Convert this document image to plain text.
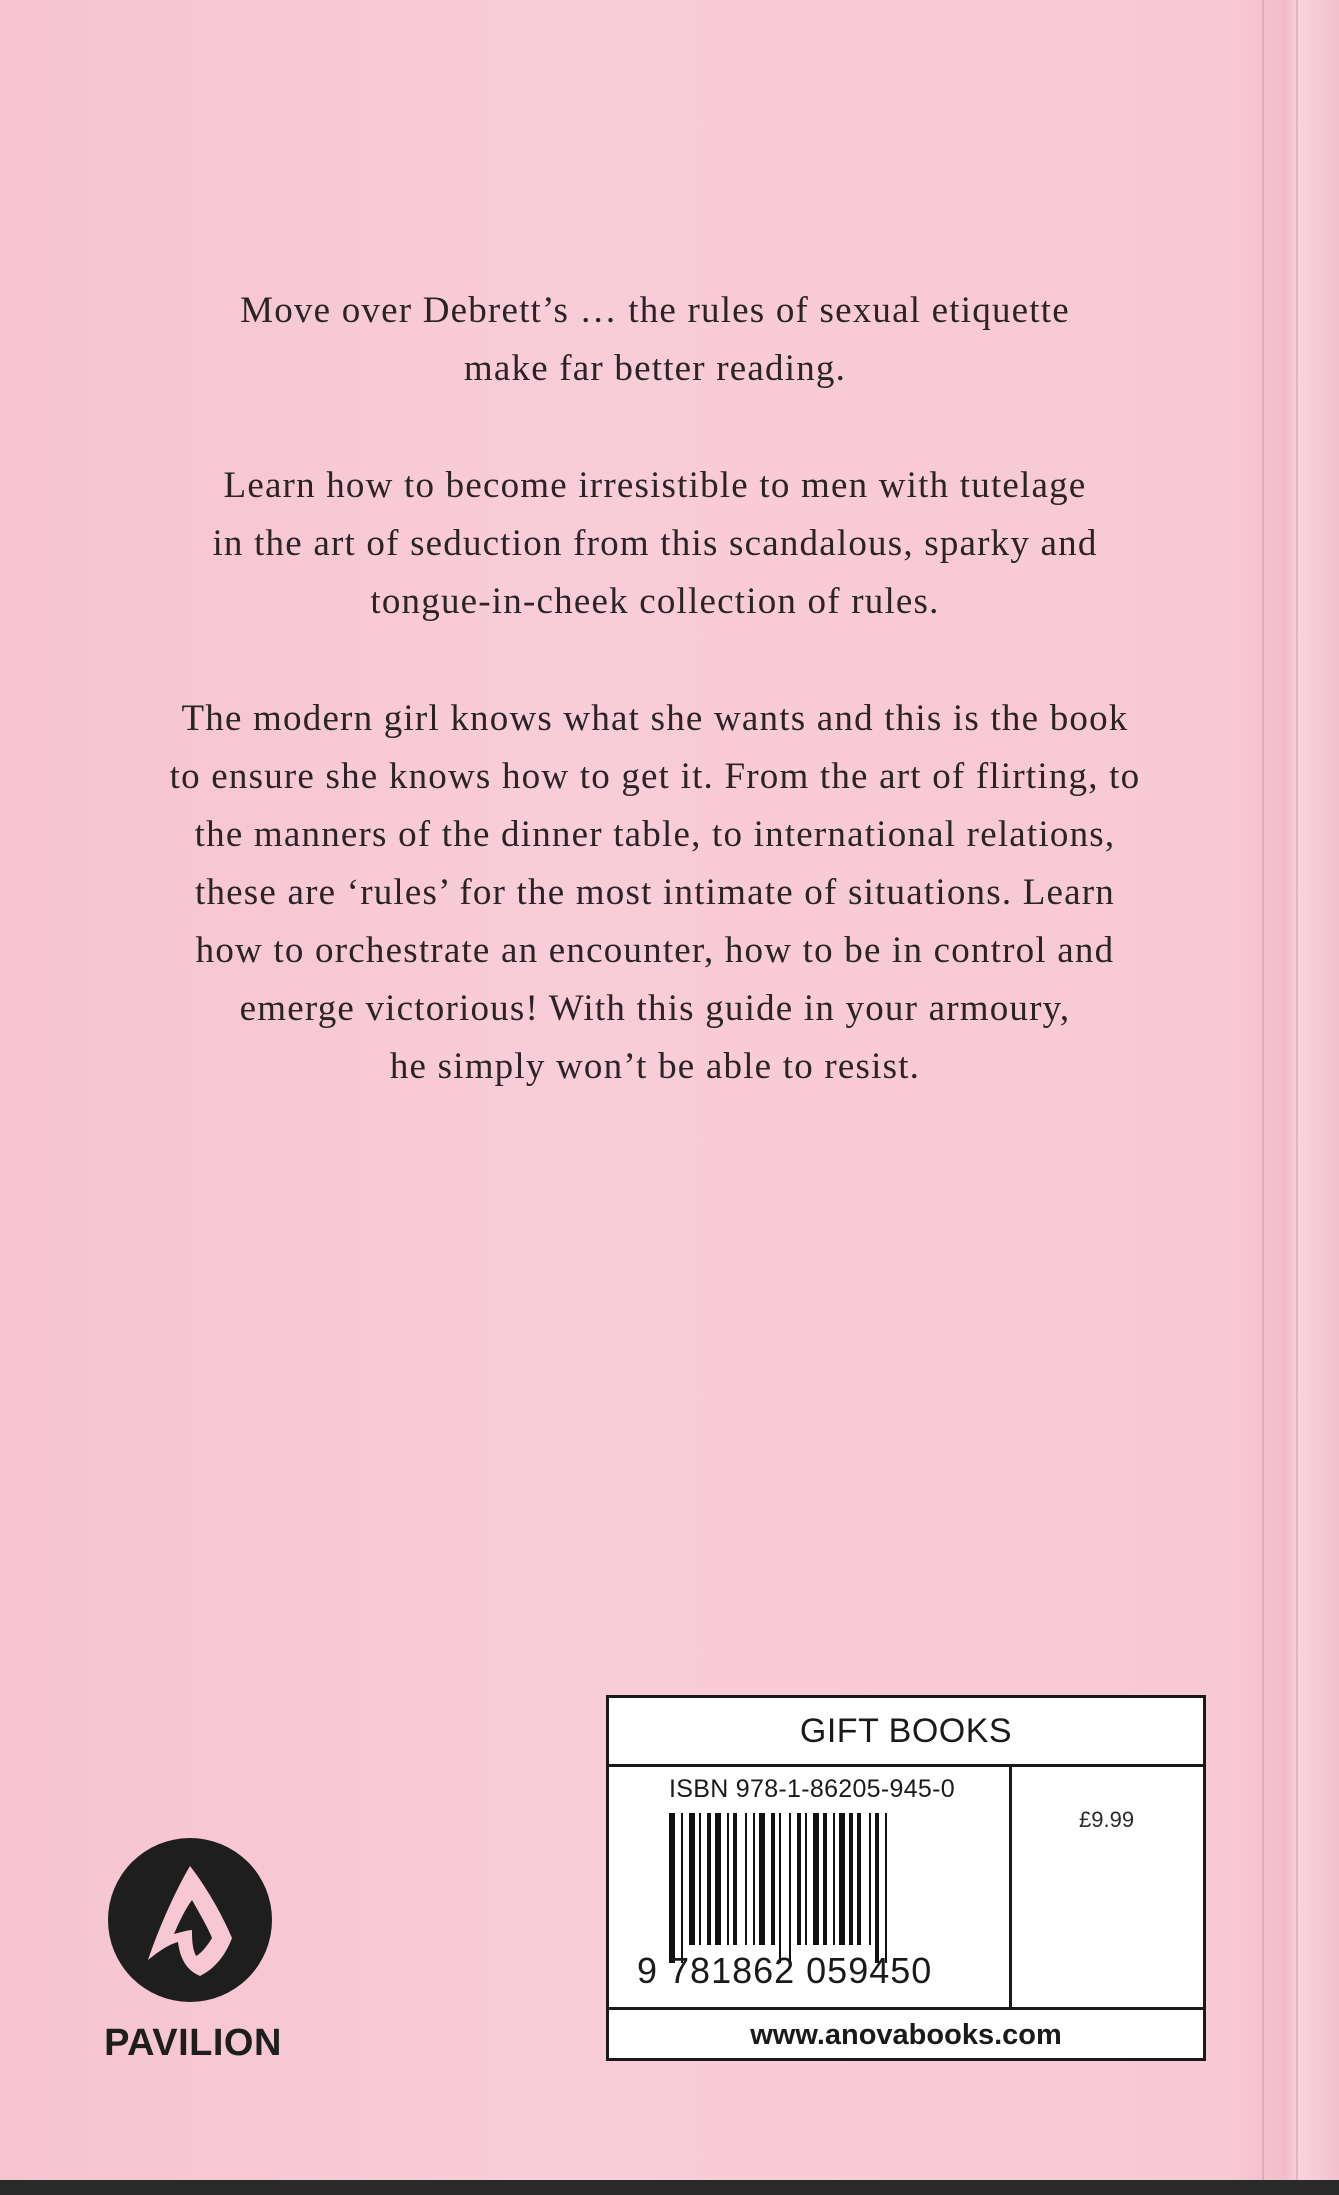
Move over Debrett’s … the rules of sexual etiquette
make far better reading.

Learn how to become irresistible to men with tutelage
in the art of seduction from this scandalous, sparky and
tongue-in-cheek collection of rules.

The modern girl knows what she wants and this is the book
to ensure she knows how to get it. From the art of flirting, to
the manners of the dinner table, to international relations,
these are ‘rules’ for the most intimate of situations. Learn
how to orchestrate an encounter, how to be in control and
emerge victorious! With this guide in your armoury,
he simply won’t be able to resist.

PAVILION
GIFT BOOKS
ISBN 978-1-86205-945-0
9 781862 059450
£9.99
www.anovabooks.com
